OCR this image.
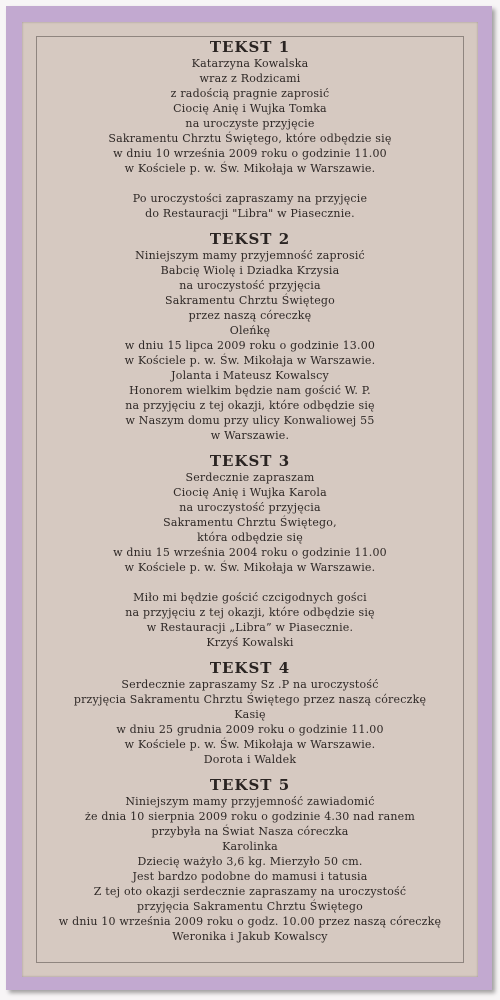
TEKST 1
Katarzyna Kowalska
wraz z Rodzicami
z radością pragnie zaprosić
Ciocię Anię i Wujka Tomka
na uroczyste przyjęcie
Sakramentu Chrztu Świętego, które odbędzie się
w dniu 10 września 2009 roku o godzinie 11.00
w Kościele p. w. Św. Mikołaja w Warszawie.
Po uroczystości zapraszamy na przyjęcie
do Restauracji "Libra" w Piasecznie.
TEKST 2
Niniejszym mamy przyjemność zaprosić
Babcię Wiolę i Dziadka Krzysia
na uroczystość przyjęcia
Sakramentu Chrztu Świętego
przez naszą córeczkę
Oleńkę
w dniu 15 lipca 2009 roku o godzinie 13.00
w Kościele p. w. Św. Mikołaja w Warszawie.
Jolanta i Mateusz Kowalscy
Honorem wielkim będzie nam gościć W. P.
na przyjęciu z tej okazji, które odbędzie się
w Naszym domu przy ulicy Konwaliowej 55
w Warszawie.
TEKST 3
Serdecznie zapraszam
Ciocię Anię i Wujka Karola
na uroczystość przyjęcia
Sakramentu Chrztu Świętego,
która odbędzie się
w dniu 15 września 2004 roku o godzinie 11.00
w Kościele p. w. Św. Mikołaja w Warszawie.
Miło mi będzie gościć czcigodnych gości
na przyjęciu z tej okazji, które odbędzie się
w Restauracji „Libra” w Piasecznie.
Krzyś Kowalski
TEKST 4
Serdecznie zapraszamy Sz .P na uroczystość
przyjęcia Sakramentu Chrztu Świętego przez naszą córeczkę
Kasię
w dniu 25 grudnia 2009 roku o godzinie 11.00
w Kościele p. w. Św. Mikołaja w Warszawie.
Dorota i Waldek
TEKST 5
Niniejszym mamy przyjemność zawiadomić
że dnia 10 sierpnia 2009 roku o godzinie 4.30 nad ranem
przybyła na Świat Nasza córeczka
Karolinka
Dziecię ważyło 3,6 kg. Mierzyło 50 cm.
Jest bardzo podobne do mamusi i tatusia
Z tej oto okazji serdecznie zapraszamy na uroczystość
przyjęcia Sakramentu Chrztu Świętego
w dniu 10 września 2009 roku o godz. 10.00 przez naszą córeczkę
Weronika i Jakub Kowalscy
